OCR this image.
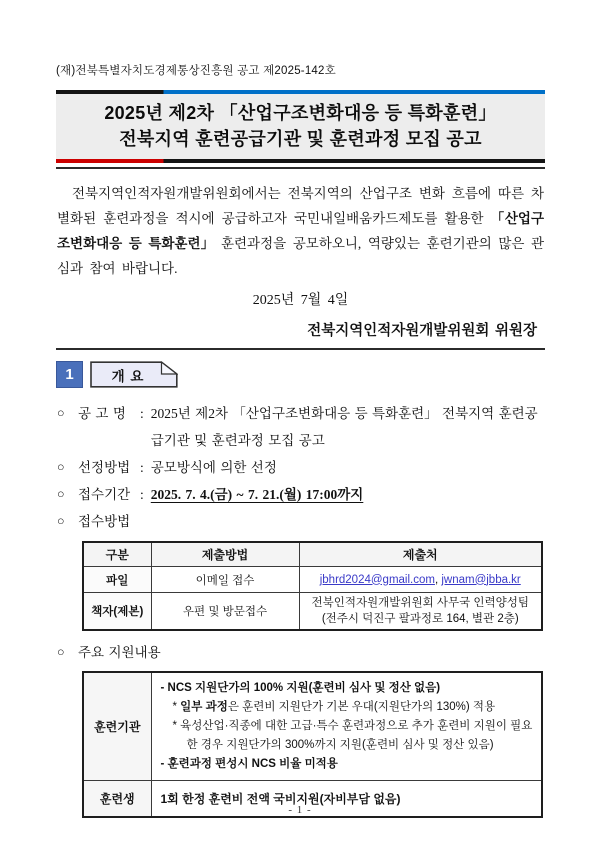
(재)전북특별자치도경제통상진흥원 공고 제2025-142호
2025년 제2차 「산업구조변화대응 등 특화훈련」
전북지역 훈련공급기관 및 훈련과정 모집 공고

전북지역인적자원개발위원회에서는 전북지역의 산업구조 변화 흐름에 따른 차별화된 훈련과정을 적시에 공급하고자 국민내일배움카드제도를 활용한 「산업구조변화대응 등 특화훈련」 훈련과정을 공모하오니, 역량있는 훈련기관의 많은 관심과 참여 바랍니다.

2025년 7월 4일
전북지역인적자원개발위원회 위원장
1	개 요
○ 공 고 명	: 2025년 제2차 「산업구조변화대응 등 특화훈련」 전북지역 훈련공급기관 및 훈련과정 모집 공고
○ 선정방법 : 공모방식에 의한 선정
○ 접수기간 : 2025. 7. 4.(금) ~ 7. 21.(월) 17:00까지
○ 접수방법
구분	제출방법	제출처
파일	이메일 접수	jbhrd2024@gmail.com, jwnam@jbba.kr
책자(제본)	우편 및 방문접수	전북인적자원개발위원회 사무국 인력양성팀
(전주시 덕진구 팔과정로 164, 별관 2층)
○ 주요 지원내용
훈련기관	- NCS 지원단가의 100% 지원(훈련비 심사 및 정산 없음)
* 일부 과정은 훈련비 지원단가 기본 우대(지원단가의 130%) 적용
* 육성산업·직종에 대한 고급·특수 훈련과정으로 추가 훈련비 지원이 필요한 경우 지원단가의 300%까지 지원(훈련비 심사 및 정산 있음)
- 훈련과정 편성시 NCS 비율 미적용

훈련생	1회 한정 훈련비 전액 국비지원(자비부담 없음)
- 1 -
